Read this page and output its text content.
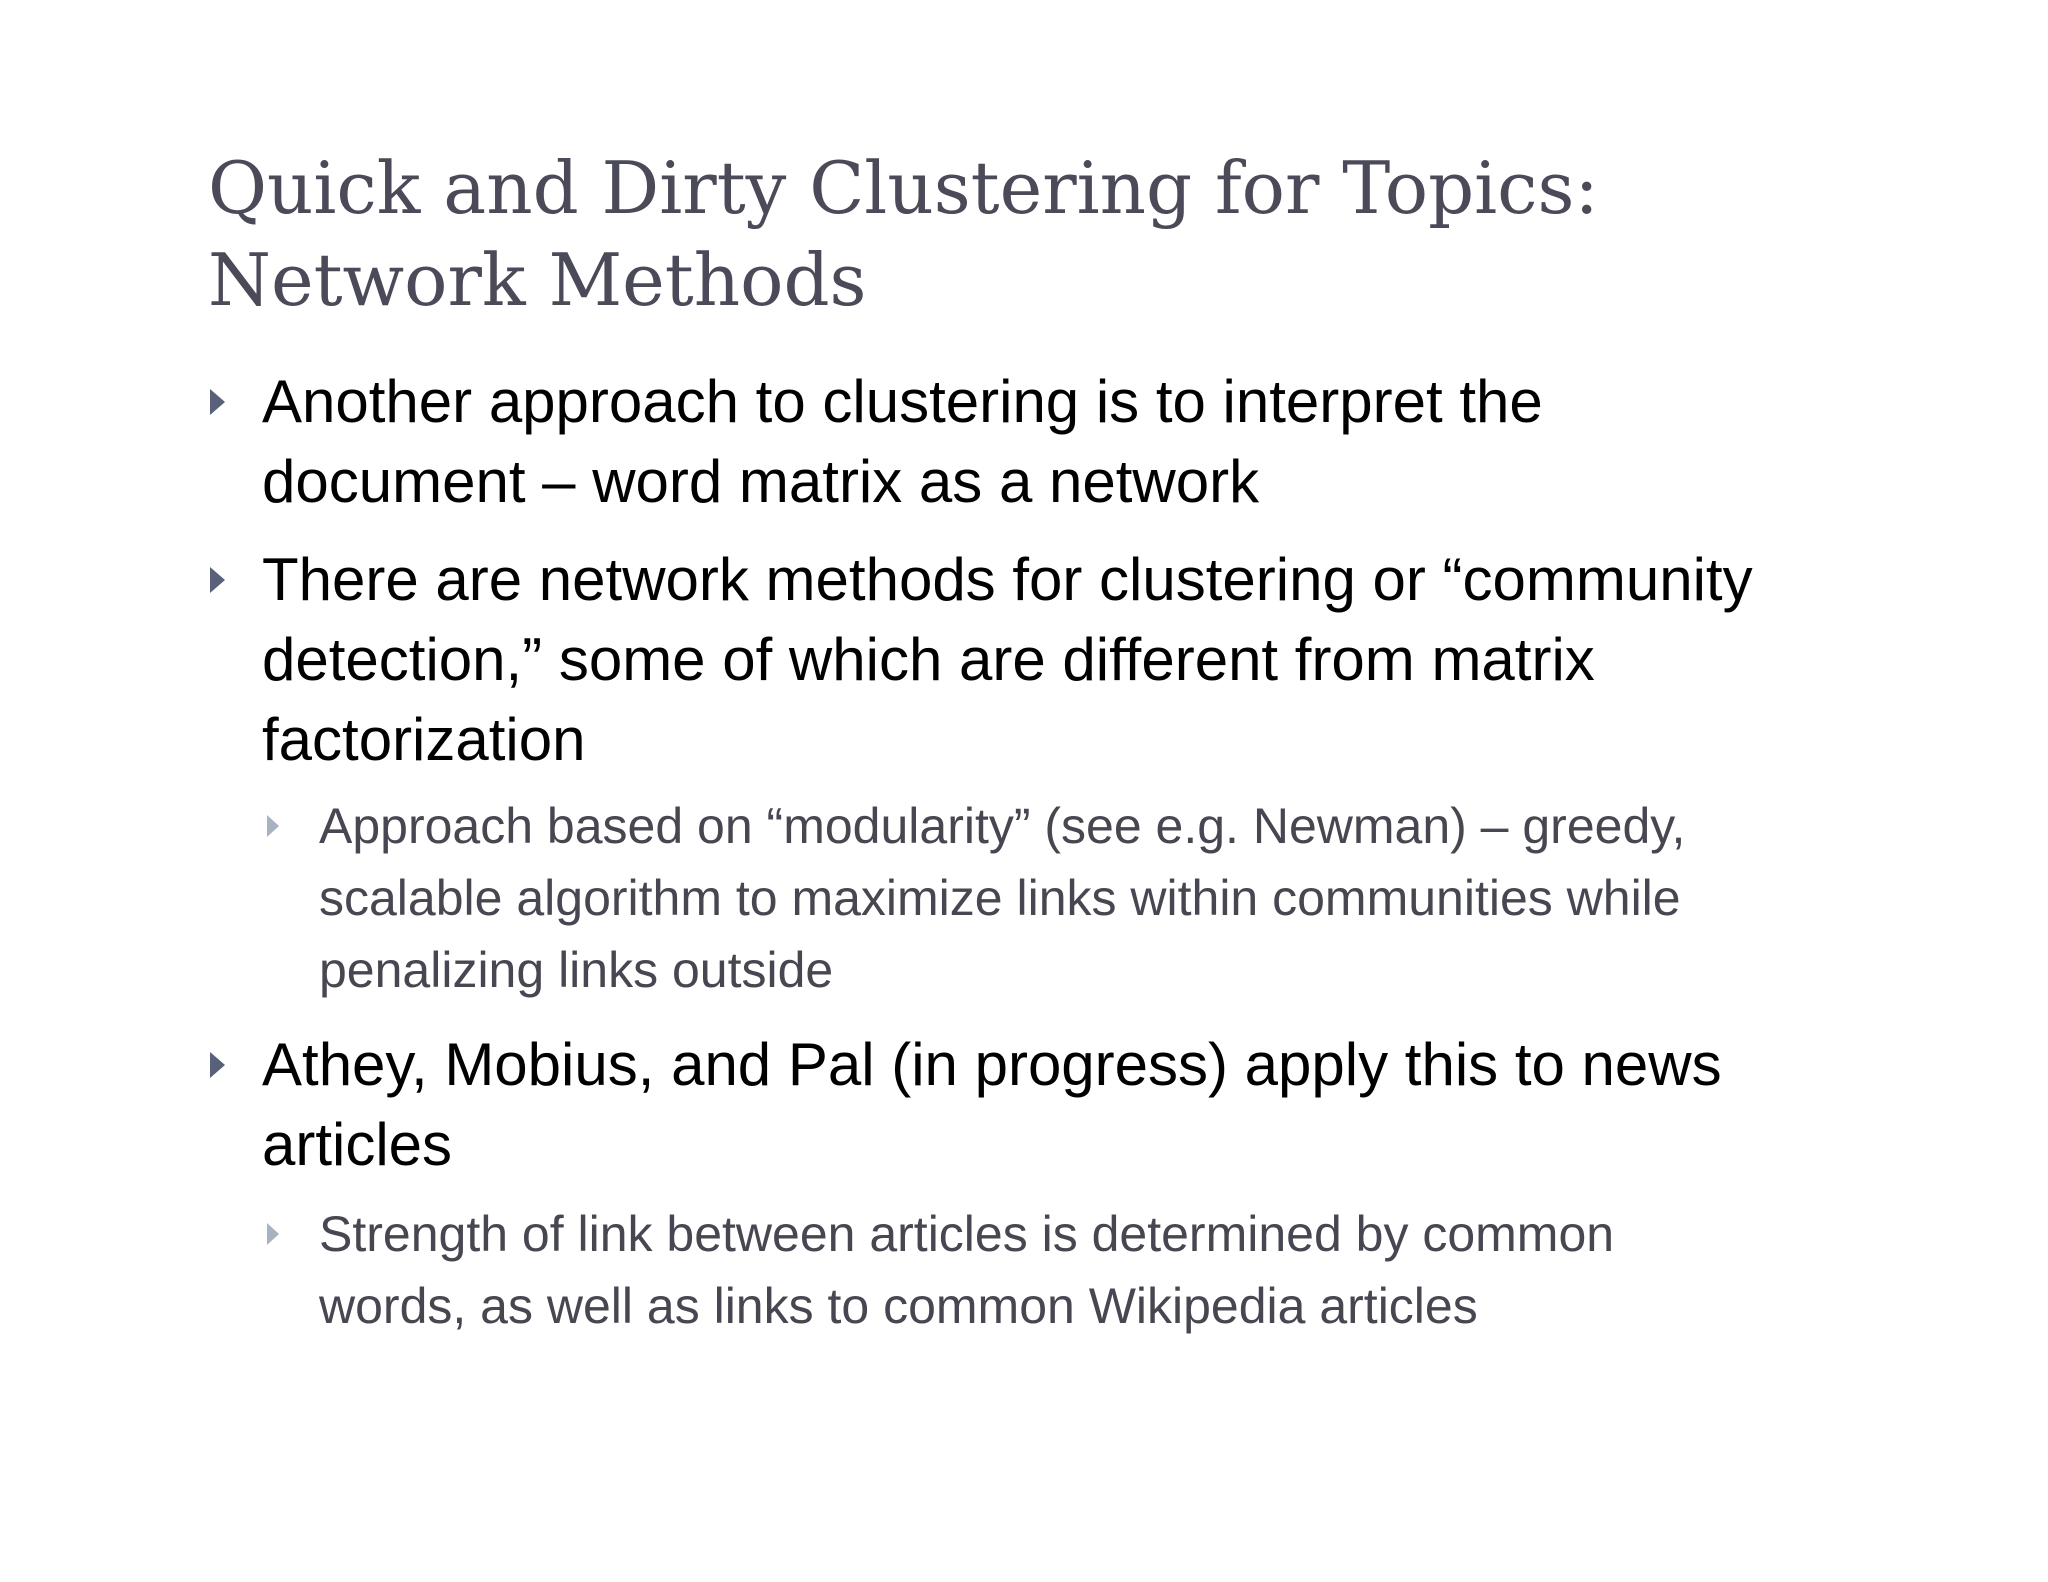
Quick and Dirty Clustering for Topics:
Network Methods
Another approach to clustering is to interpret the
document – word matrix as a network
There are network methods for clustering or “community
detection,” some of which are different from matrix
factorization
Approach based on “modularity” (see e.g. Newman) – greedy,
scalable algorithm to maximize links within communities while
penalizing links outside
Athey, Mobius, and Pal (in progress) apply this to news
articles
Strength of link between articles is determined by common
words, as well as links to common Wikipedia articles
